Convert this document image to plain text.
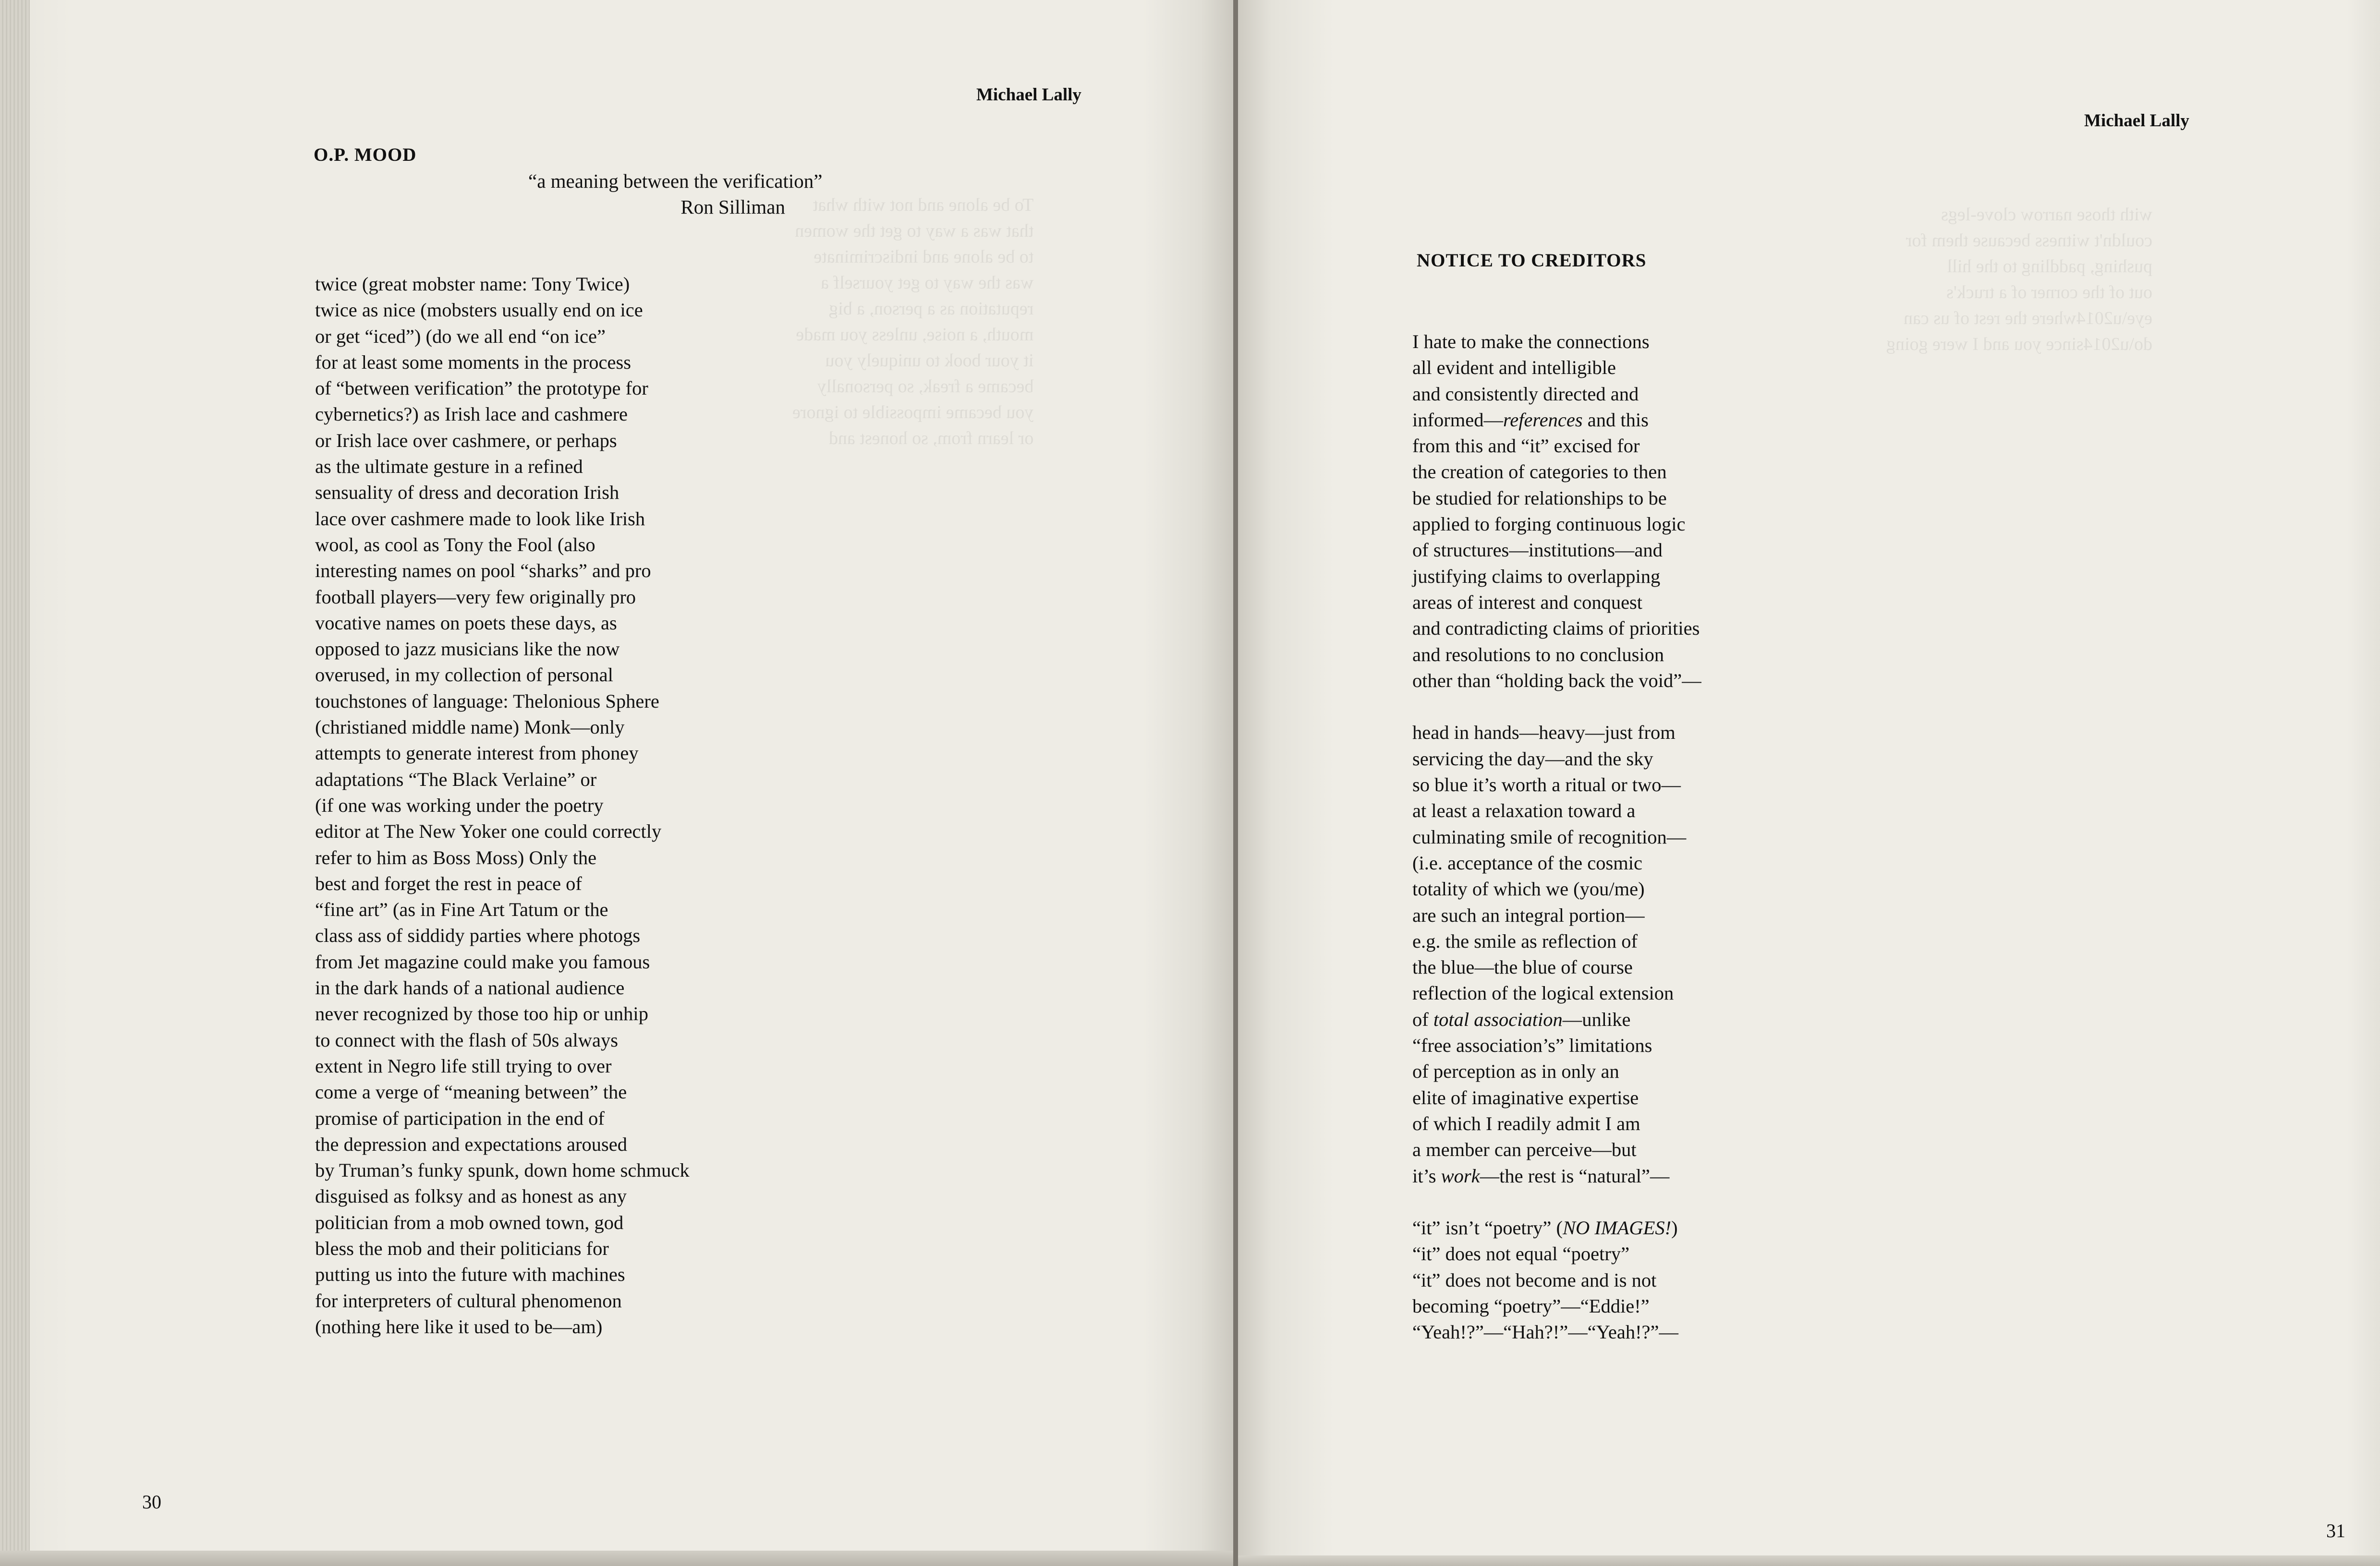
To be alone and not with what
that was a way to get the women
to be alone and indiscriminate
was the way to get yourself a
reputation as a person, a big
mouth, a noise, unless you made
it your book to uniquely you
became a freak, so personally
you became impossible to ignore
or learn from, so honest and
Michael Lally
O.P. MOOD
“a meaning between the verification”
Ron Silliman
twice (great mobster name: Tony Twice)
twice as nice (mobsters usually end on ice
or get “iced”) (do we all end “on ice”
for at least some moments in the process
of “between verification” the prototype for
cybernetics?) as Irish lace and cashmere
or Irish lace over cashmere, or perhaps
as the ultimate gesture in a refined
sensuality of dress and decoration Irish
lace over cashmere made to look like Irish
wool, as cool as Tony the Fool (also
interesting names on pool “sharks” and pro
football players—very few originally pro
vocative names on poets these days, as
opposed to jazz musicians like the now
overused, in my collection of personal
touchstones of language: Thelonious Sphere
(christianed middle name) Monk—only
attempts to generate interest from phoney
adaptations “The Black Verlaine” or
(if one was working under the poetry
editor at The New Yoker one could correctly
refer to him as Boss Moss) Only the
best and forget the rest in peace of
“fine art” (as in Fine Art Tatum or the
class ass of siddidy parties where photogs
from Jet magazine could make you famous
in the dark hands of a national audience
never recognized by those too hip or unhip
to connect with the flash of 50s always
extent in Negro life still trying to over
come a verge of “meaning between” the
promise of participation in the end of
the depression and expectations aroused
by Truman’s funky spunk, down home schmuck
disguised as folksy and as honest as any
politician from a mob owned town, god
bless the mob and their politicians for
putting us into the future with machines
for interpreters of cultural phenomenon
(nothing here like it used to be—am)
30
with those narrow clove-legs
couldn't witness because them for
pushing, paddling to the hill
out of the corner of a truck's
eye\u2014where the rest of us can
do\u2014since you and I were going
Michael Lally
NOTICE TO CREDITORS
I hate to make the connections
all evident and intelligible
and consistently directed and
informed—references and this
from this and “it” excised for
the creation of categories to then
be studied for relationships to be
applied to forging continuous logic
of structures—institutions—and
justifying claims to overlapping
areas of interest and conquest
and contradicting claims of priorities
and resolutions to no conclusion
other than “holding back the void”—
head in hands—heavy—just from
servicing the day—and the sky
so blue it’s worth a ritual or two—
at least a relaxation toward a
culminating smile of recognition—
(i.e. acceptance of the cosmic
totality of which we (you/me)
are such an integral portion—
e.g. the smile as reflection of
the blue—the blue of course
reflection of the logical extension
of total association—unlike
“free association’s” limitations
of perception as in only an
elite of imaginative expertise
of which I readily admit I am
a member can perceive—but
it’s work—the rest is “natural”—
“it” isn’t “poetry” (NO IMAGES!)
“it” does not equal “poetry”
“it” does not become and is not
becoming “poetry”—“Eddie!”
“Yeah!?”—“Hah?!”—“Yeah!?”—
31
